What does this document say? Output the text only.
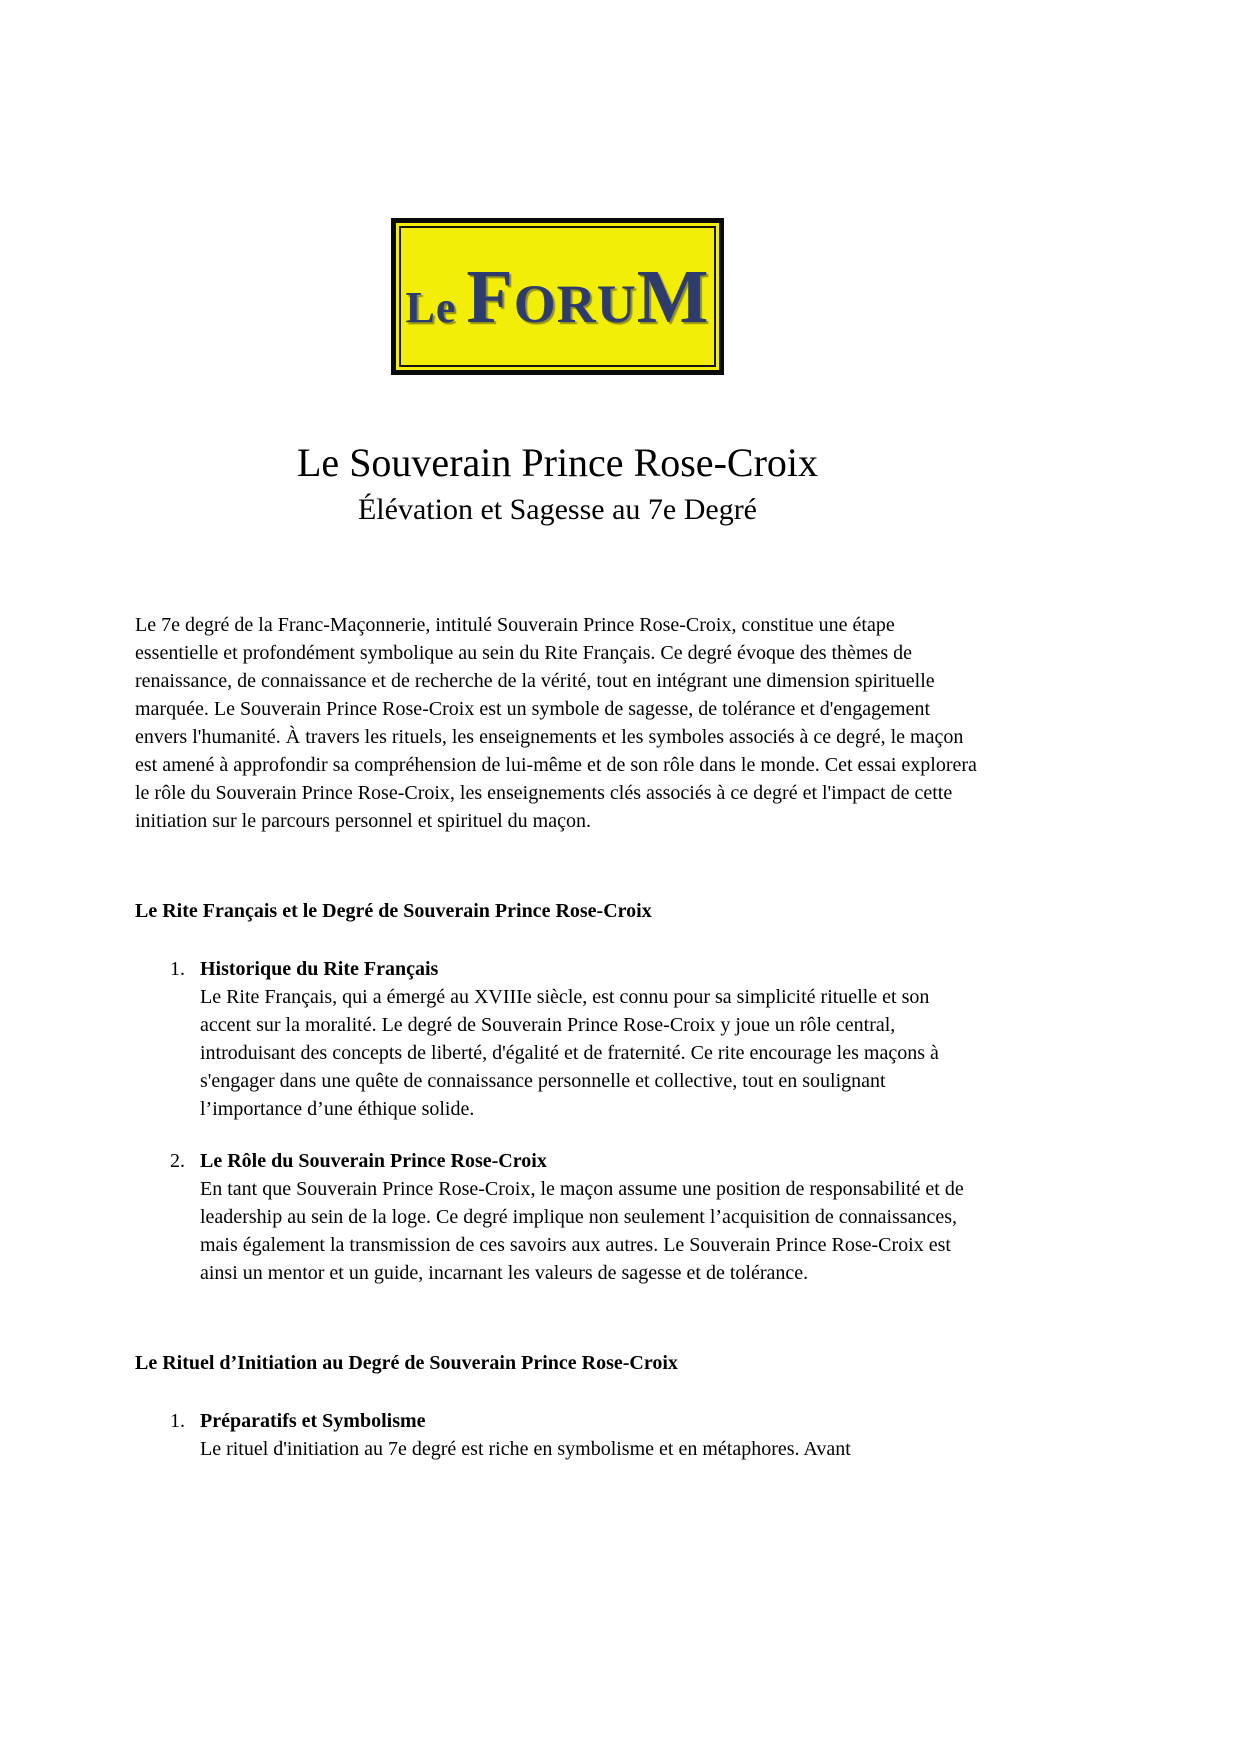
Le FORUM
Le Souverain Prince Rose-Croix
Élévation et Sagesse au 7e Degré

Le 7e degré de la Franc-Maçonnerie, intitulé Souverain Prince Rose-Croix, constitue une étape essentielle et profondément symbolique au sein du Rite Français. Ce degré évoque des thèmes de renaissance, de connaissance et de recherche de la vérité, tout en intégrant une dimension spirituelle marquée. Le Souverain Prince Rose-Croix est un symbole de sagesse, de tolérance et d'engagement envers l'humanité. À travers les rituels, les enseignements et les symboles associés à ce degré, le maçon est amené à approfondir sa compréhension de lui-même et de son rôle dans le monde. Cet essai explorera le rôle du Souverain Prince Rose-Croix, les enseignements clés associés à ce degré et l'impact de cette initiation sur le parcours personnel et spirituel du maçon.

Le Rite Français et le Degré de Souverain Prince Rose-Croix
1. Historique du Rite Français
Le Rite Français, qui a émergé au XVIIIe siècle, est connu pour sa simplicité rituelle et son accent sur la moralité. Le degré de Souverain Prince Rose-Croix y joue un rôle central, introduisant des concepts de liberté, d'égalité et de fraternité. Ce rite encourage les maçons à s'engager dans une quête de connaissance personnelle et collective, tout en soulignant l’importance d’une éthique solide.
2. Le Rôle du Souverain Prince Rose-Croix
En tant que Souverain Prince Rose-Croix, le maçon assume une position de responsabilité et de leadership au sein de la loge. Ce degré implique non seulement l’acquisition de connaissances, mais également la transmission de ces savoirs aux autres. Le Souverain Prince Rose-Croix est ainsi un mentor et un guide, incarnant les valeurs de sagesse et de tolérance.
Le Rituel d’Initiation au Degré de Souverain Prince Rose-Croix
1. Préparatifs et Symbolisme
Le rituel d'initiation au 7e degré est riche en symbolisme et en métaphores. Avant
